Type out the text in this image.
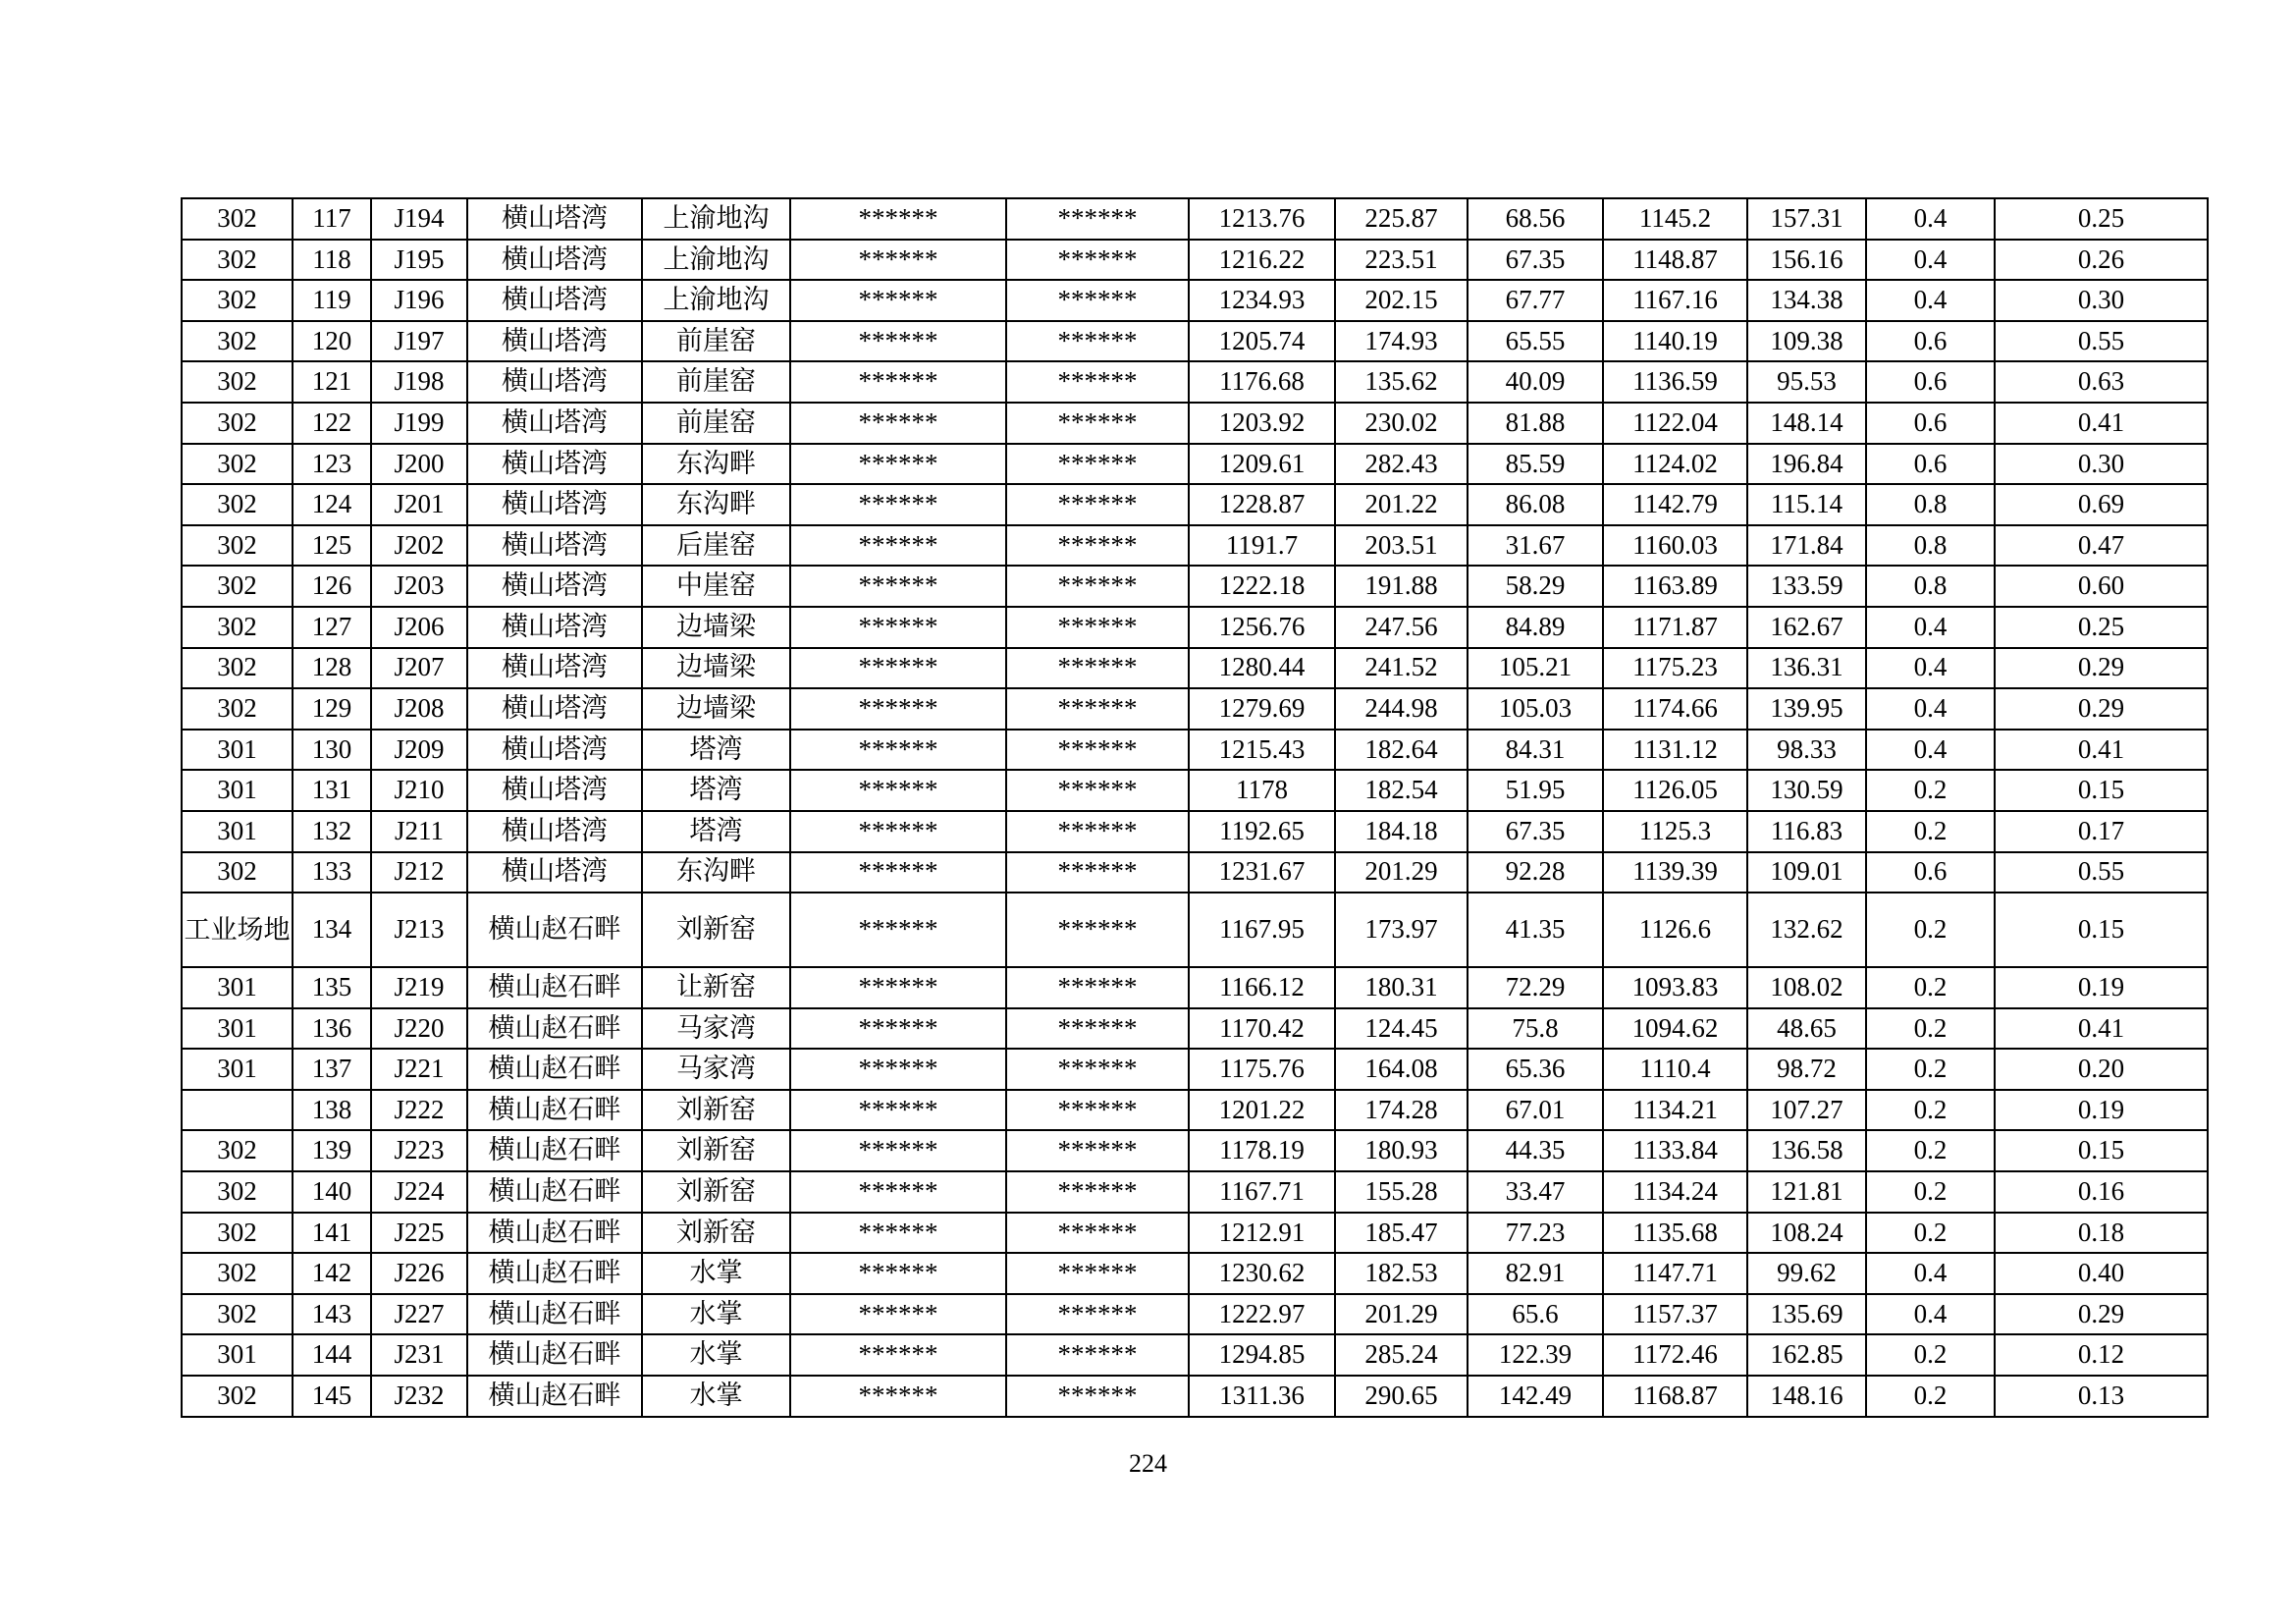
302	117	J194	横山塔湾	上渝地沟	******	******	1213.76	225.87	68.56	1145.2	157.31	0.4	0.25
302	118	J195	横山塔湾	上渝地沟	******	******	1216.22	223.51	67.35	1148.87	156.16	0.4	0.26
302	119	J196	横山塔湾	上渝地沟	******	******	1234.93	202.15	67.77	1167.16	134.38	0.4	0.30
302	120	J197	横山塔湾	前崖窑	******	******	1205.74	174.93	65.55	1140.19	109.38	0.6	0.55
302	121	J198	横山塔湾	前崖窑	******	******	1176.68	135.62	40.09	1136.59	95.53	0.6	0.63
302	122	J199	横山塔湾	前崖窑	******	******	1203.92	230.02	81.88	1122.04	148.14	0.6	0.41
302	123	J200	横山塔湾	东沟畔	******	******	1209.61	282.43	85.59	1124.02	196.84	0.6	0.30
302	124	J201	横山塔湾	东沟畔	******	******	1228.87	201.22	86.08	1142.79	115.14	0.8	0.69
302	125	J202	横山塔湾	后崖窑	******	******	1191.7	203.51	31.67	1160.03	171.84	0.8	0.47
302	126	J203	横山塔湾	中崖窑	******	******	1222.18	191.88	58.29	1163.89	133.59	0.8	0.60
302	127	J206	横山塔湾	边墙梁	******	******	1256.76	247.56	84.89	1171.87	162.67	0.4	0.25
302	128	J207	横山塔湾	边墙梁	******	******	1280.44	241.52	105.21	1175.23	136.31	0.4	0.29
302	129	J208	横山塔湾	边墙梁	******	******	1279.69	244.98	105.03	1174.66	139.95	0.4	0.29
301	130	J209	横山塔湾	塔湾	******	******	1215.43	182.64	84.31	1131.12	98.33	0.4	0.41
301	131	J210	横山塔湾	塔湾	******	******	1178	182.54	51.95	1126.05	130.59	0.2	0.15
301	132	J211	横山塔湾	塔湾	******	******	1192.65	184.18	67.35	1125.3	116.83	0.2	0.17
302	133	J212	横山塔湾	东沟畔	******	******	1231.67	201.29	92.28	1139.39	109.01	0.6	0.55
工业场地	134	J213	横山赵石畔	刘新窑	******	******	1167.95	173.97	41.35	1126.6	132.62	0.2	0.15
301	135	J219	横山赵石畔	让新窑	******	******	1166.12	180.31	72.29	1093.83	108.02	0.2	0.19
301	136	J220	横山赵石畔	马家湾	******	******	1170.42	124.45	75.8	1094.62	48.65	0.2	0.41
301	137	J221	横山赵石畔	马家湾	******	******	1175.76	164.08	65.36	1110.4	98.72	0.2	0.20
	138	J222	横山赵石畔	刘新窑	******	******	1201.22	174.28	67.01	1134.21	107.27	0.2	0.19
302	139	J223	横山赵石畔	刘新窑	******	******	1178.19	180.93	44.35	1133.84	136.58	0.2	0.15
302	140	J224	横山赵石畔	刘新窑	******	******	1167.71	155.28	33.47	1134.24	121.81	0.2	0.16
302	141	J225	横山赵石畔	刘新窑	******	******	1212.91	185.47	77.23	1135.68	108.24	0.2	0.18
302	142	J226	横山赵石畔	水掌	******	******	1230.62	182.53	82.91	1147.71	99.62	0.4	0.40
302	143	J227	横山赵石畔	水掌	******	******	1222.97	201.29	65.6	1157.37	135.69	0.4	0.29
301	144	J231	横山赵石畔	水掌	******	******	1294.85	285.24	122.39	1172.46	162.85	0.2	0.12
302	145	J232	横山赵石畔	水掌	******	******	1311.36	290.65	142.49	1168.87	148.16	0.2	0.13
224
